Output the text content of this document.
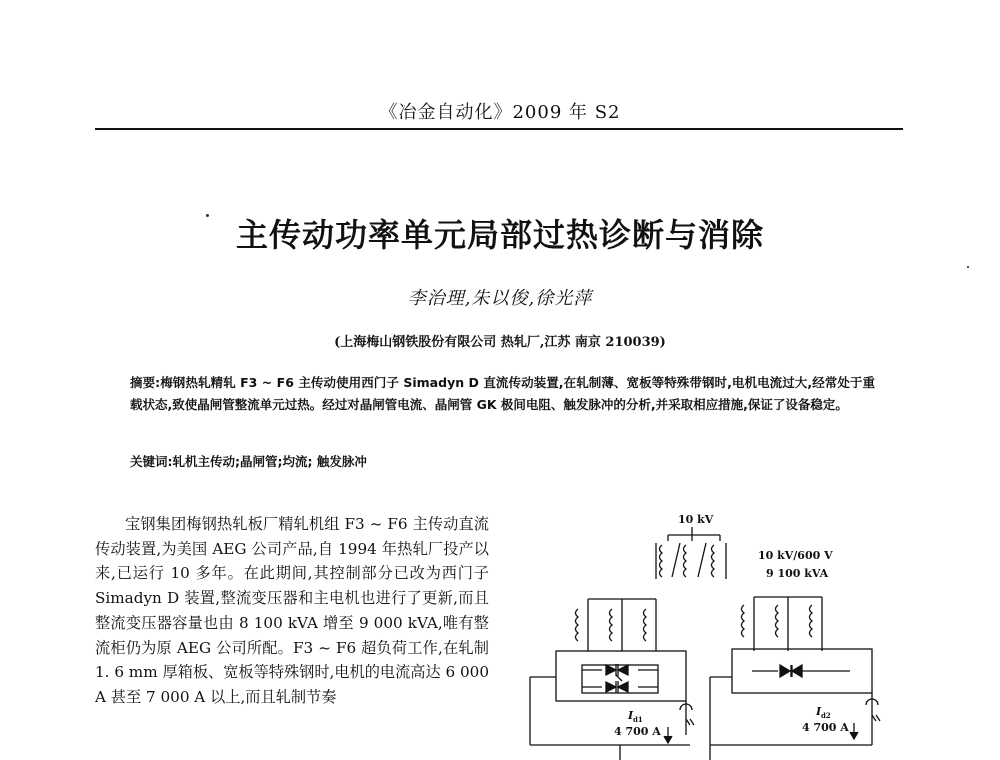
《冶金自动化》2009 年 S2
主传动功率单元局部过热诊断与消除
李治理,朱以俊,徐光萍
(上海梅山钢铁股份有限公司 热轧厂,江苏 南京 210039)
摘要:梅钢热轧精轧 F3 ~ F6 主传动使用西门子 Simadyn D 直流传动装置,在轧制薄、宽板等特殊带钢时,电机电流过大,经常处于重载状态,致使晶闸管整流单元过热。经过对晶闸管电流、晶闸管 GK 极间电阻、触发脉冲的分析,并采取相应措施,保证了设备稳定。
关键词:轧机主传动;晶闸管;均流; 触发脉冲
宝钢集团梅钢热轧板厂精轧机组 F3 ~ F6 主传动直流传动装置,为美国 AEG 公司产品,自 1994 年热轧厂投产以来,已运行 10 多年。在此期间,其控制部分已改为西门子 Simadyn D 装置,整流变压器和主电机也进行了更新,而且整流变压器容量也由 8 100 kVA 增至 9 000 kVA,唯有整流柜仍为原 AEG 公司所配。F3 ~ F6 超负荷工作,在轧制 1. 6 mm 厚箱板、宽板等特殊钢时,电机的电流高达 6 000 A 甚至 7 000 A 以上,而且轧制节奏
10 kV
10 kV/600 V
9 100 kVA
I d1
4 700 A
I d2
4 700 A
